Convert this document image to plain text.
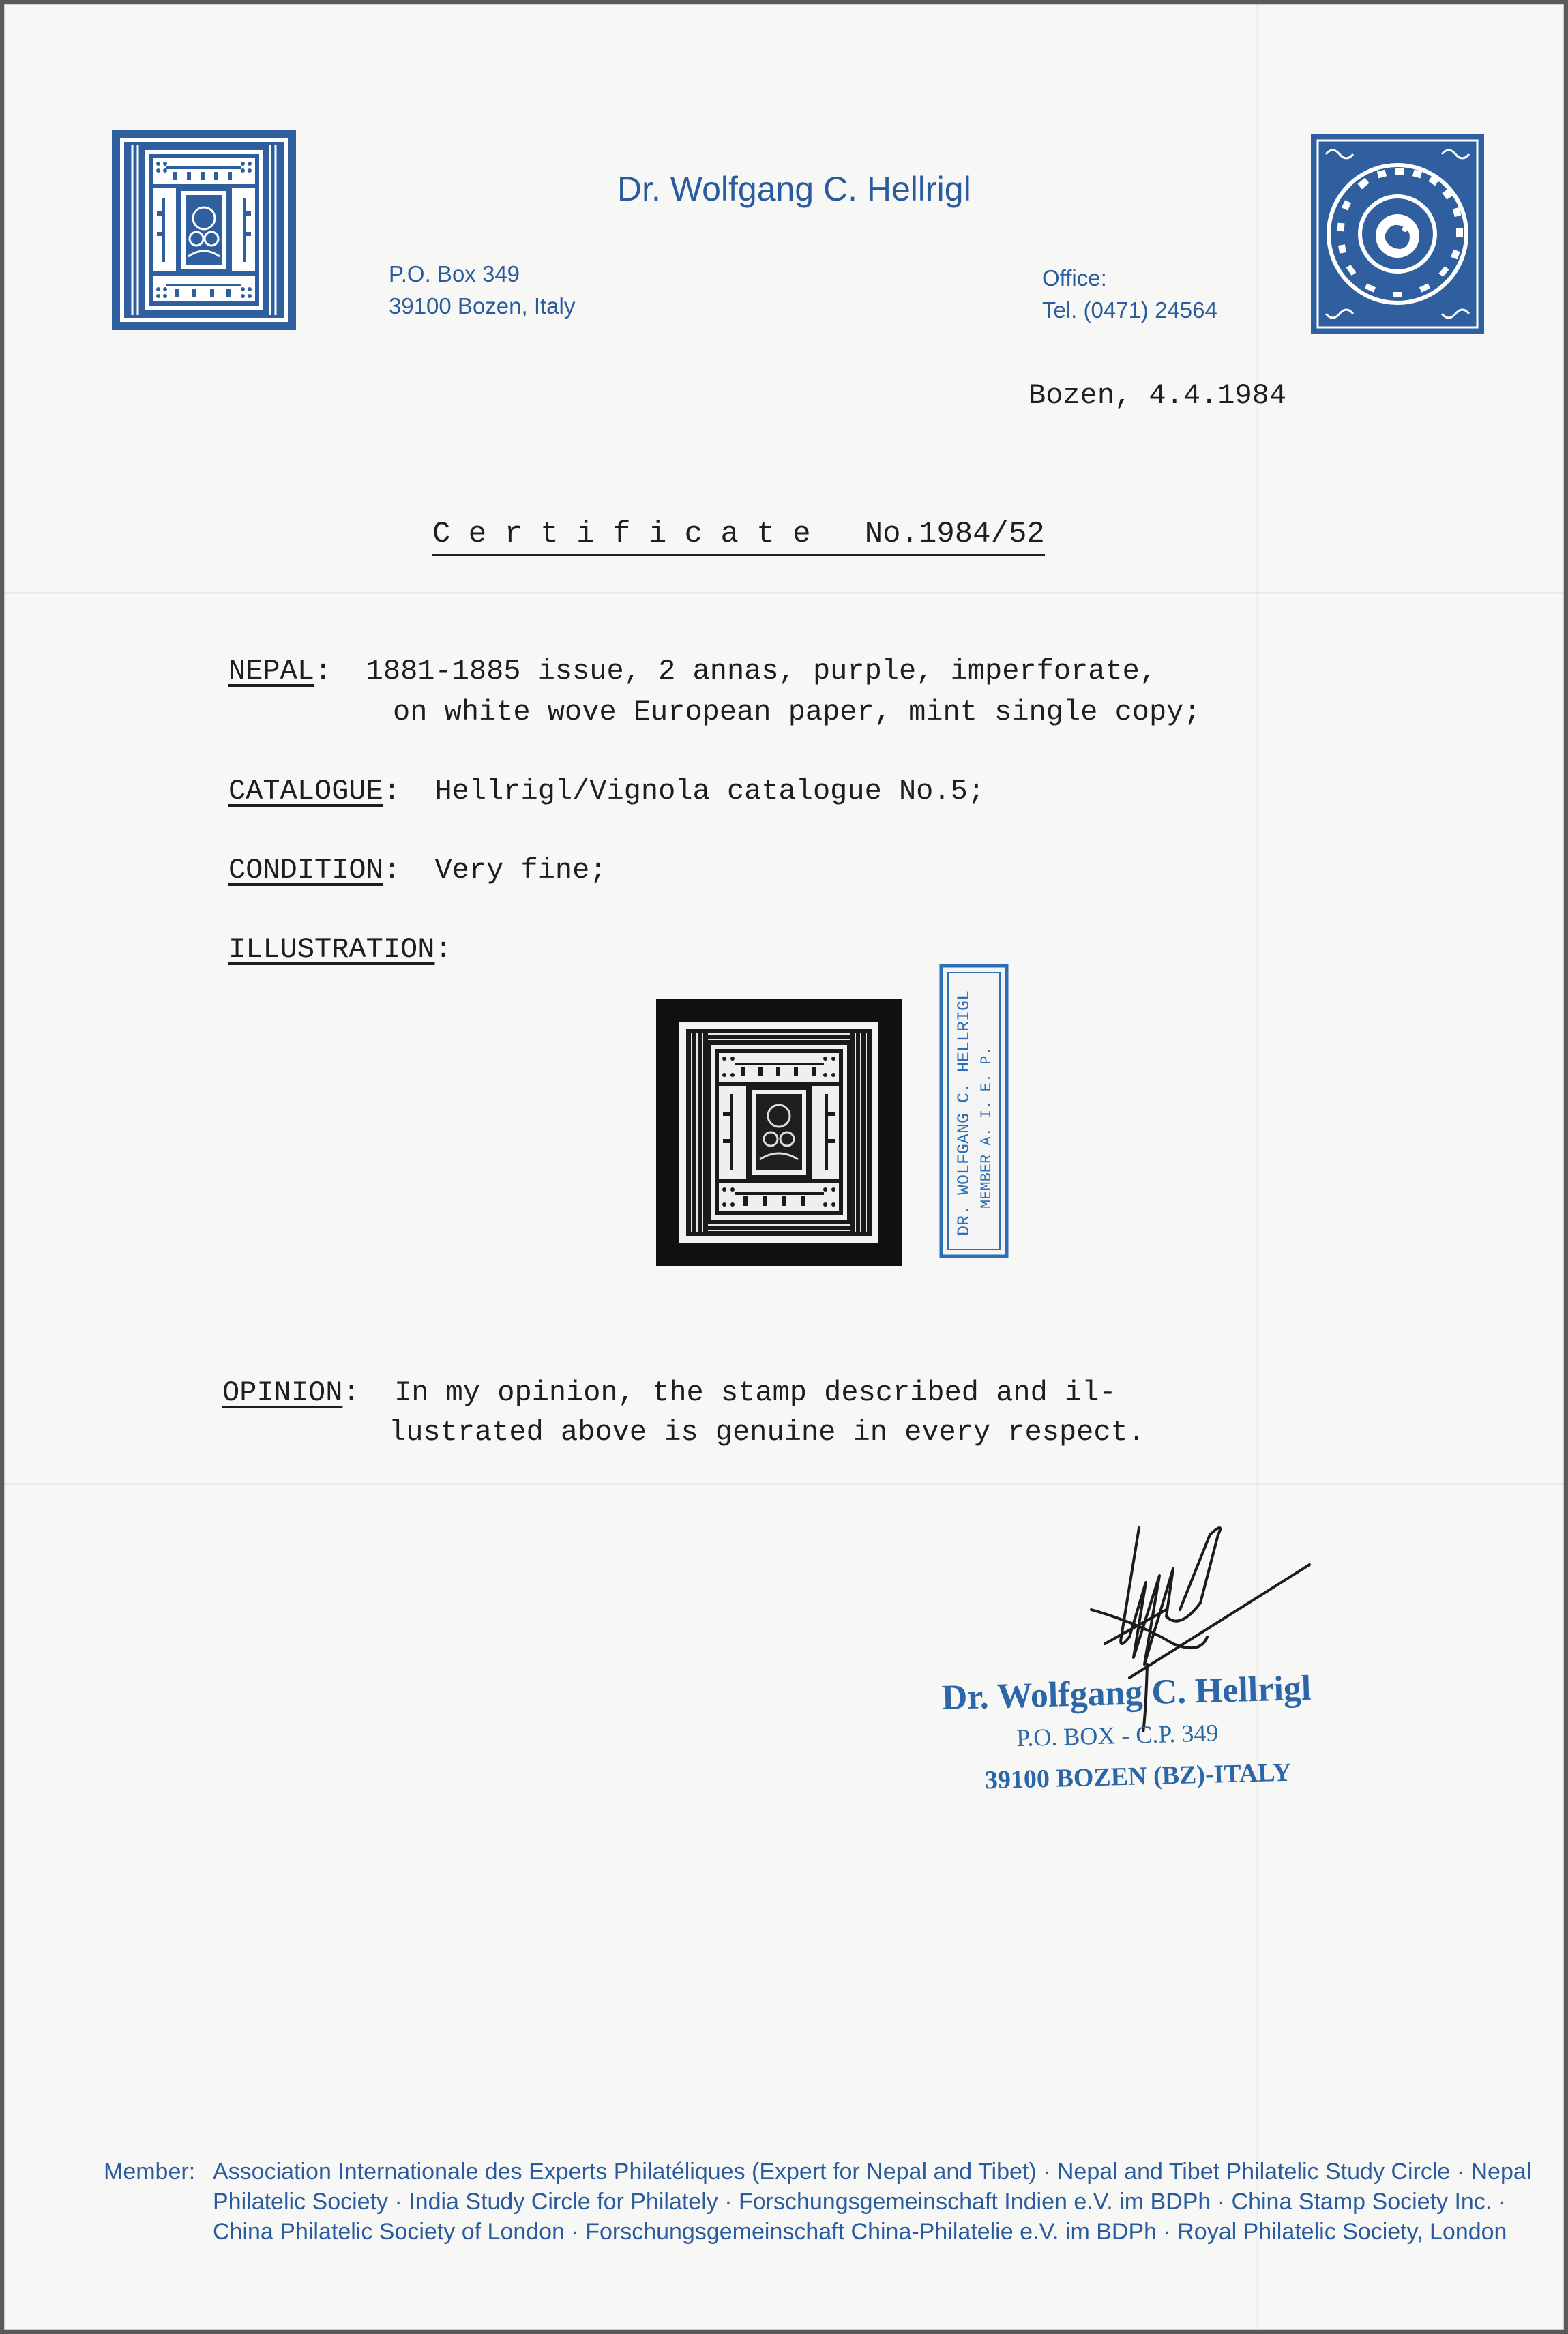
Dr. Wolfgang C. Hellrigl
P.O. Box 349
39100 Bozen, Italy
Office:
Tel. (0471) 24564
Bozen, 4.4.1984
C e r t i f i c a t e No.1984/52
NEPAL:  1881-1885 issue, 2 annas, purple, imperforate,
on white wove European paper, mint single copy;
CATALOGUE:  Hellrigl/Vignola catalogue No.5;
CONDITION:  Very fine;
ILLUSTRATION:
DR. WOLFGANG C. HELLRIGL MEMBER A. I. E. P.
OPINION:  In my opinion, the stamp described and il-
lustrated above is genuine in every respect.
Dr. Wolfgang C. Hellrigl
P.O. BOX - C.P. 349
39100 BOZEN (BZ)-ITALY
Member: Association Internationale des Experts Philatéliques (Expert for Nepal and Tibet) · Nepal and Tibet Philatelic Study Circle · Nepal Philatelic Society · India Study Circle for Philately · Forschungsgemeinschaft Indien e.V. im BDPh · China Stamp Society Inc. · China Philatelic Society of London · Forschungsgemeinschaft China-Philatelie e.V. im BDPh · Royal Philatelic Society, London
